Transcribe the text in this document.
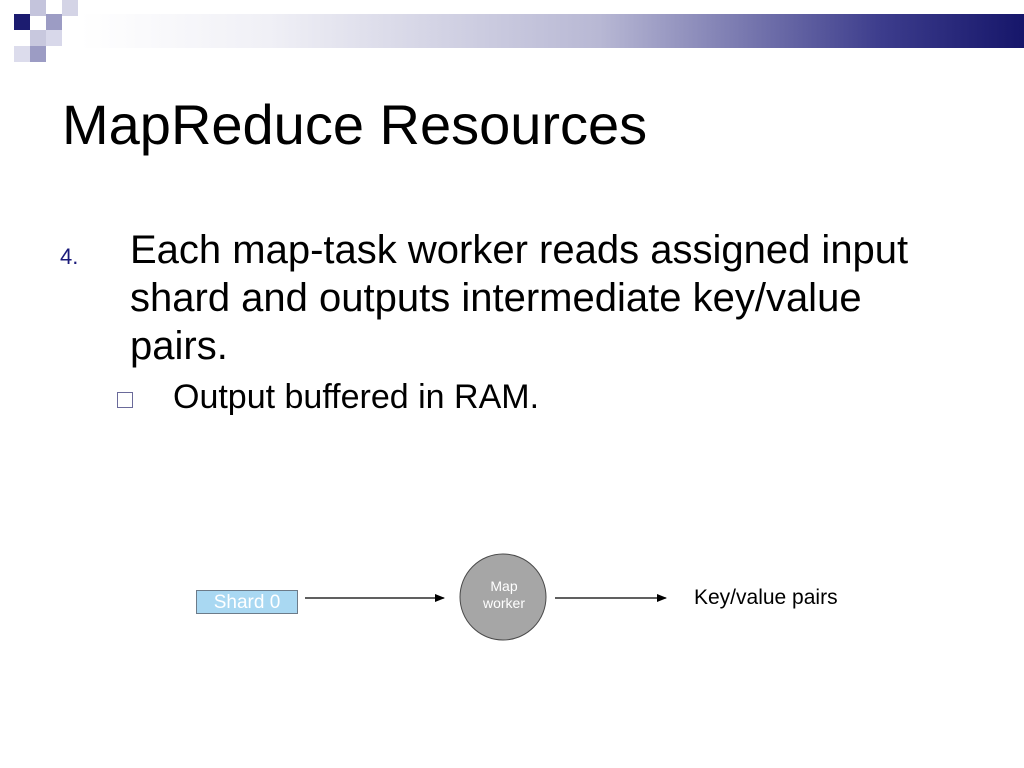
MapReduce Resources
4. Each map-task worker reads assigned input shard and outputs intermediate key/value pairs.
Output buffered in RAM.
Shard 0
Map
worker	Key/value pairs
